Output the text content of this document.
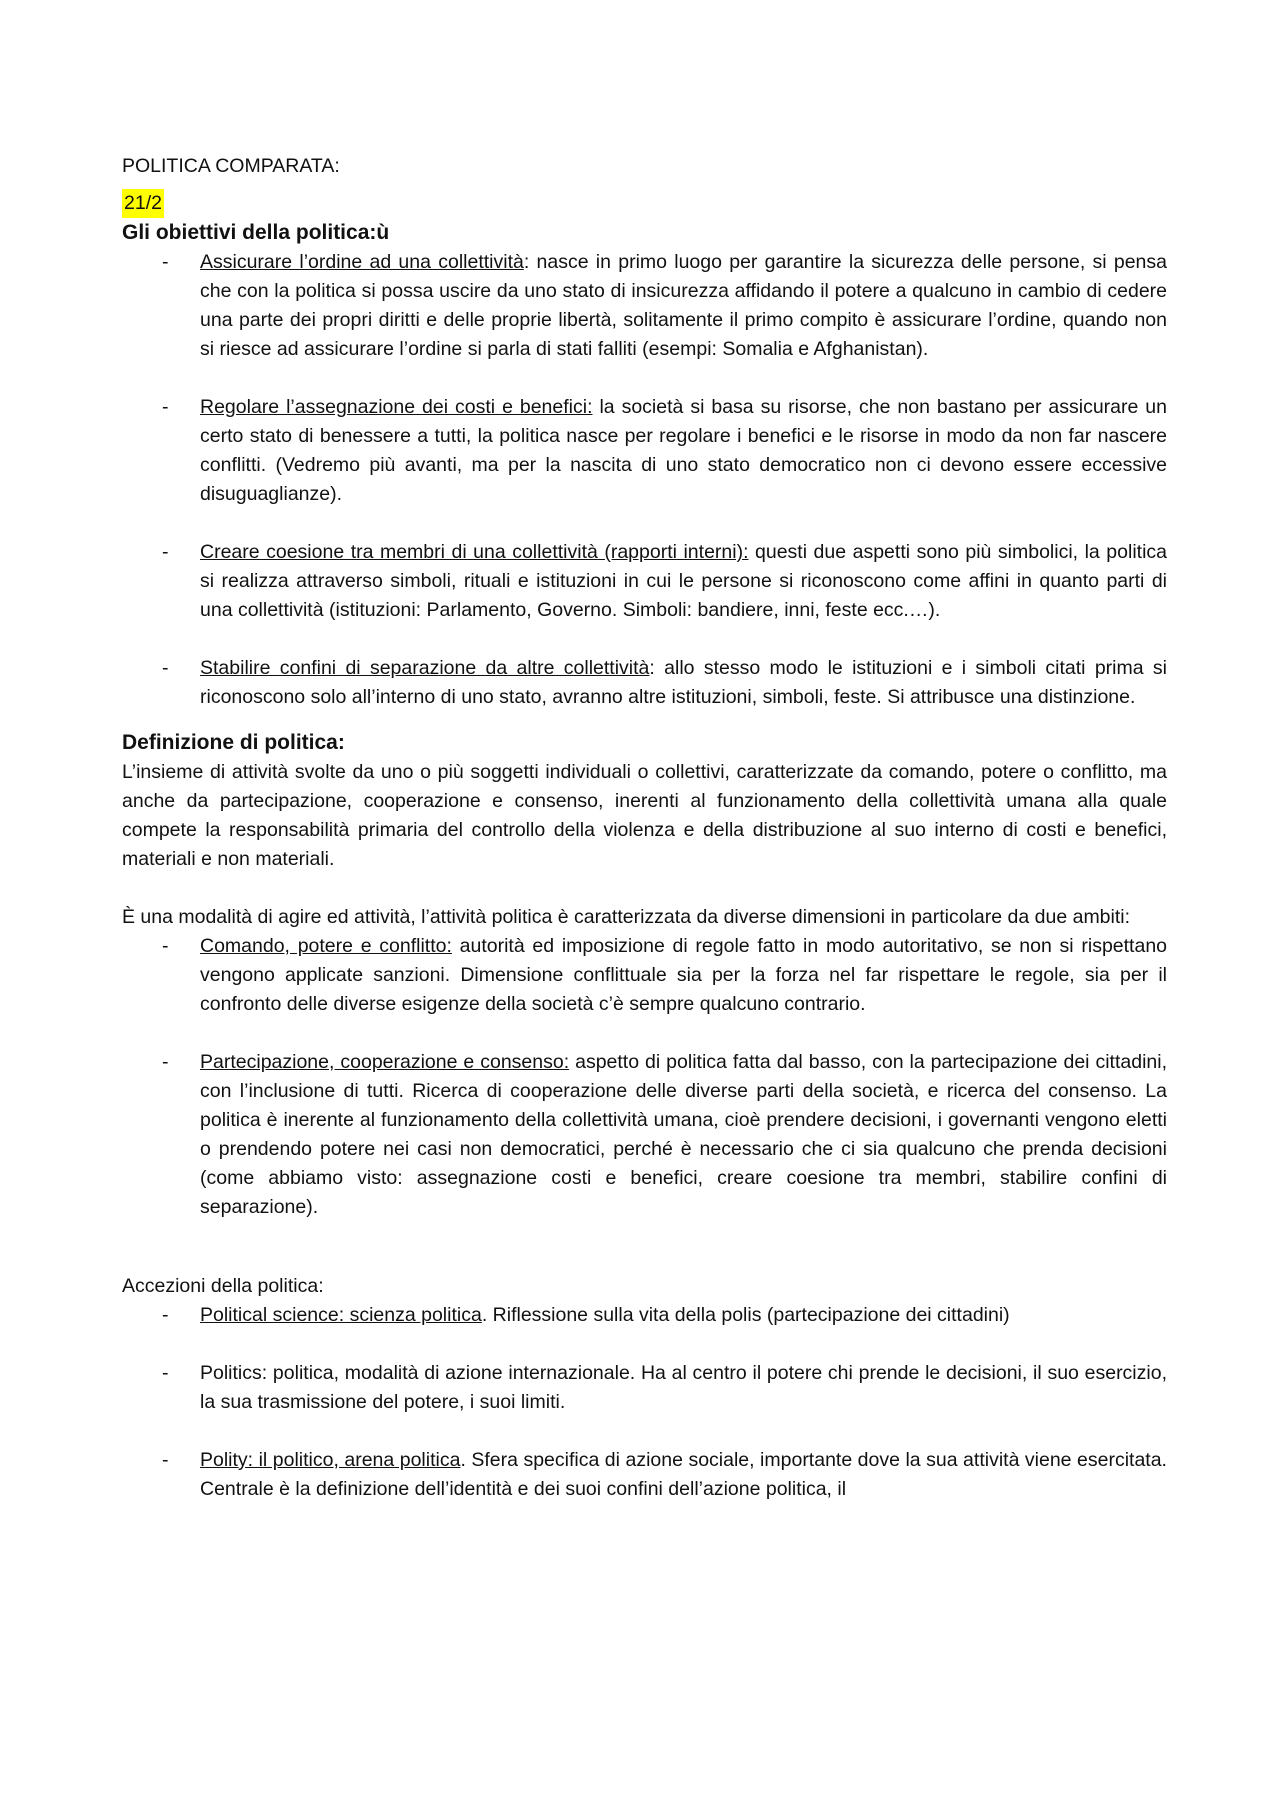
POLITICA COMPARATA:

21/2

Gli obiettivi della politica:ù
- Assicurare l’ordine ad una collettività: nasce in primo luogo per garantire la sicurezza delle persone, si pensa che con la politica si possa uscire da uno stato di insicurezza affidando il potere a qualcuno in cambio di cedere una parte dei propri diritti e delle proprie libertà, solitamente il primo compito è assicurare l’ordine, quando non si riesce ad assicurare l’ordine si parla di stati falliti (esempi: Somalia e Afghanistan).
- Regolare l’assegnazione dei costi e benefici: la società si basa su risorse, che non bastano per assicurare un certo stato di benessere a tutti, la politica nasce per regolare i benefici e le risorse in modo da non far nascere conflitti. (Vedremo più avanti, ma per la nascita di uno stato democratico non ci devono essere eccessive disuguaglianze).
- Creare coesione tra membri di una collettività (rapporti interni): questi due aspetti sono più simbolici, la politica si realizza attraverso simboli, rituali e istituzioni in cui le persone si riconoscono come affini in quanto parti di una collettività (istituzioni: Parlamento, Governo. Simboli: bandiere, inni, feste ecc.…).
- Stabilire confini di separazione da altre collettività: allo stesso modo le istituzioni e i simboli citati prima si riconoscono solo all’interno di uno stato, avranno altre istituzioni, simboli, feste. Si attribusce una distinzione.
Definizione di politica:

L’insieme di attività svolte da uno o più soggetti individuali o collettivi, caratterizzate da comando, potere o conflitto, ma anche da partecipazione, cooperazione e consenso, inerenti al funzionamento della collettività umana alla quale compete la responsabilità primaria del controllo della violenza e della distribuzione al suo interno di costi e benefici, materiali e non materiali.

È una modalità di agire ed attività, l’attività politica è caratterizzata da diverse dimensioni in particolare da due ambiti:

- Comando, potere e conflitto: autorità ed imposizione di regole fatto in modo autoritativo, se non si rispettano vengono applicate sanzioni. Dimensione conflittuale sia per la forza nel far rispettare le regole, sia per il confronto delle diverse esigenze della società c’è sempre qualcuno contrario.
- Partecipazione, cooperazione e consenso: aspetto di politica fatta dal basso, con la partecipazione dei cittadini, con l’inclusione di tutti. Ricerca di cooperazione delle diverse parti della società, e ricerca del consenso. La politica è inerente al funzionamento della collettività umana, cioè prendere decisioni, i governanti vengono eletti o prendendo potere nei casi non democratici, perché è necessario che ci sia qualcuno che prenda decisioni (come abbiamo visto: assegnazione costi e benefici, creare coesione tra membri, stabilire confini di separazione).

Accezioni della politica:

- Political science: scienza politica. Riflessione sulla vita della polis (partecipazione dei cittadini)
- Politics: politica, modalità di azione internazionale. Ha al centro il potere chi prende le decisioni, il suo esercizio, la sua trasmissione del potere, i suoi limiti.
- Polity: il politico, arena politica. Sfera specifica di azione sociale, importante dove la sua attività viene esercitata. Centrale è la definizione dell’identità e dei suoi confini dell’azione politica, il
